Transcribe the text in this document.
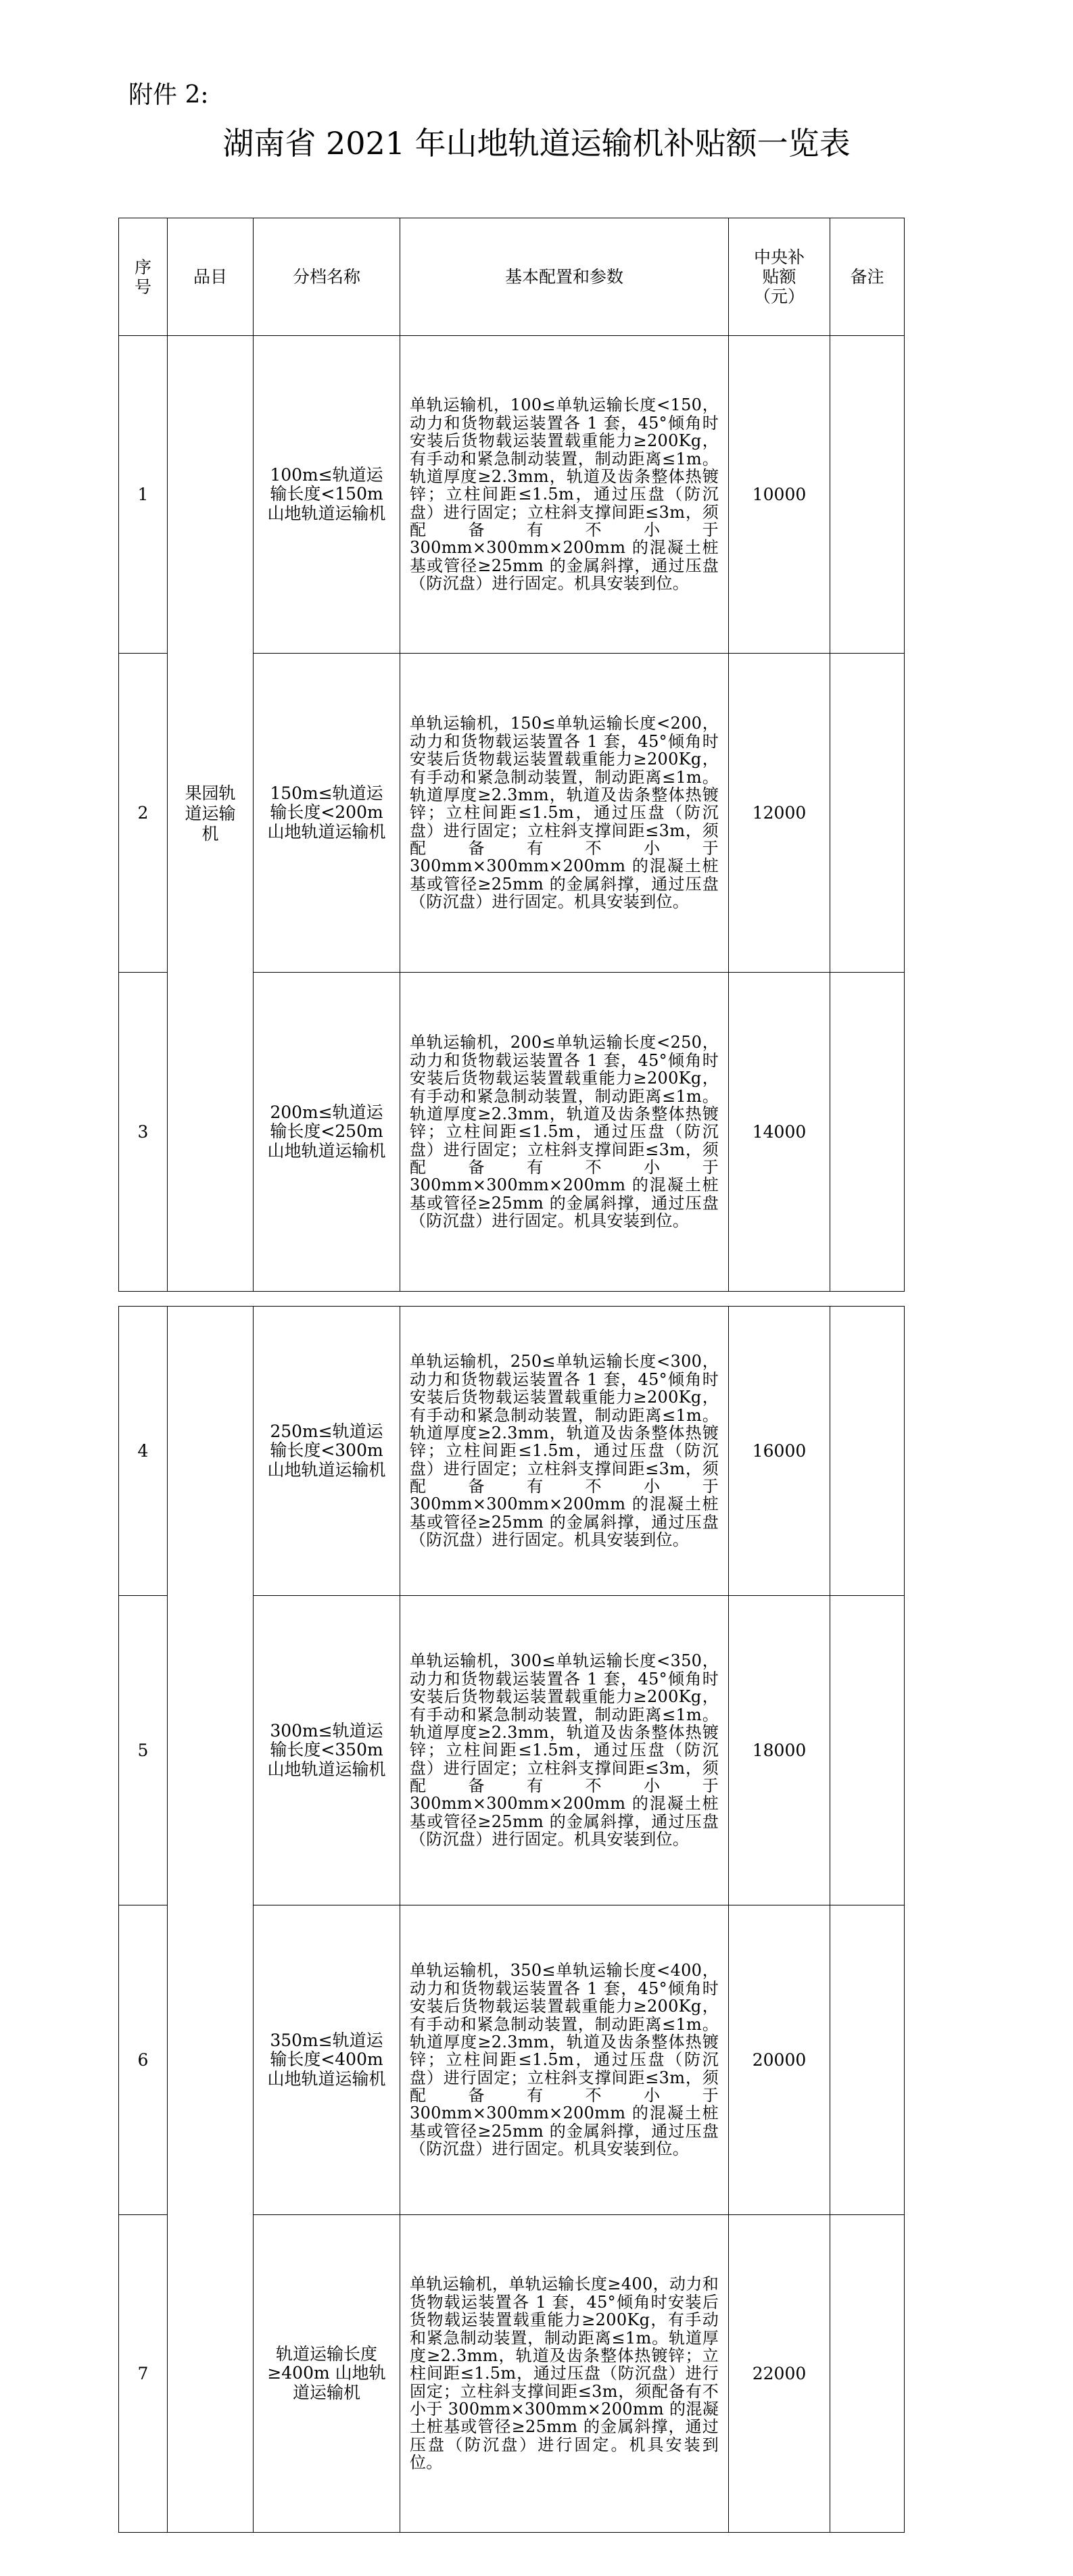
附件 2:
湖南省 2021 年山地轨道运输机补贴额一览表
序号	品目	分档名称	基本配置和参数	中央补贴额（元）	备注
1	果园轨道运输机	100m≤轨道运输长度<150m 山地轨道运输机	单轨运输机，100≤单轨运输长度<150，动力和货物载运装置各 1 套，45°倾角时安装后货物载运装置载重能力≥200Kg，有手动和紧急制动装置，制动距离≤1m。轨道厚度≥2.3mm，轨道及齿条整体热镀锌；立柱间距≤1.5m，通过压盘（防沉盘）进行固定；立柱斜支撑间距≤3m，须配备有不小于 300mm×300mm×200mm 的混凝土桩基或管径≥25mm 的金属斜撑，通过压盘（防沉盘）进行固定。机具安装到位。	10000	
2		150m≤轨道运输长度<200m 山地轨道运输机	单轨运输机，150≤单轨运输长度<200，动力和货物载运装置各 1 套，45°倾角时安装后货物载运装置载重能力≥200Kg，有手动和紧急制动装置，制动距离≤1m。轨道厚度≥2.3mm，轨道及齿条整体热镀锌；立柱间距≤1.5m，通过压盘（防沉盘）进行固定；立柱斜支撑间距≤3m，须配备有不小于 300mm×300mm×200mm 的混凝土桩基或管径≥25mm 的金属斜撑，通过压盘（防沉盘）进行固定。机具安装到位。	12000	
3		200m≤轨道运输长度<250m 山地轨道运输机	单轨运输机，200≤单轨运输长度<250，动力和货物载运装置各 1 套，45°倾角时安装后货物载运装置载重能力≥200Kg，有手动和紧急制动装置，制动距离≤1m。轨道厚度≥2.3mm，轨道及齿条整体热镀锌；立柱间距≤1.5m，通过压盘（防沉盘）进行固定；立柱斜支撑间距≤3m，须配备有不小于 300mm×300mm×200mm 的混凝土桩基或管径≥25mm 的金属斜撑，通过压盘（防沉盘）进行固定。机具安装到位。	14000	
4		250m≤轨道运输长度<300m 山地轨道运输机	单轨运输机，250≤单轨运输长度<300，动力和货物载运装置各 1 套，45°倾角时安装后货物载运装置载重能力≥200Kg，有手动和紧急制动装置，制动距离≤1m。轨道厚度≥2.3mm，轨道及齿条整体热镀锌；立柱间距≤1.5m，通过压盘（防沉盘）进行固定；立柱斜支撑间距≤3m，须配备有不小于 300mm×300mm×200mm 的混凝土桩基或管径≥25mm 的金属斜撑，通过压盘（防沉盘）进行固定。机具安装到位。	16000	
5		300m≤轨道运输长度<350m 山地轨道运输机	单轨运输机，300≤单轨运输长度<350，动力和货物载运装置各 1 套，45°倾角时安装后货物载运装置载重能力≥200Kg，有手动和紧急制动装置，制动距离≤1m。轨道厚度≥2.3mm，轨道及齿条整体热镀锌；立柱间距≤1.5m，通过压盘（防沉盘）进行固定；立柱斜支撑间距≤3m，须配备有不小于 300mm×300mm×200mm 的混凝土桩基或管径≥25mm 的金属斜撑，通过压盘（防沉盘）进行固定。机具安装到位。	18000	
6		350m≤轨道运输长度<400m 山地轨道运输机	单轨运输机，350≤单轨运输长度<400，动力和货物载运装置各 1 套，45°倾角时安装后货物载运装置载重能力≥200Kg，有手动和紧急制动装置，制动距离≤1m。轨道厚度≥2.3mm，轨道及齿条整体热镀锌；立柱间距≤1.5m，通过压盘（防沉盘）进行固定；立柱斜支撑间距≤3m，须配备有不小于 300mm×300mm×200mm 的混凝土桩基或管径≥25mm 的金属斜撑，通过压盘（防沉盘）进行固定。机具安装到位。	20000	
7		轨道运输长度≥400m 山地轨道运输机	单轨运输机，单轨运输长度≥400，动力和货物载运装置各 1 套，45°倾角时安装后货物载运装置载重能力≥200Kg，有手动和紧急制动装置，制动距离≤1m。轨道厚度≥2.3mm，轨道及齿条整体热镀锌；立柱间距≤1.5m，通过压盘（防沉盘）进行固定；立柱斜支撑间距≤3m，须配备有不小于 300mm×300mm×200mm 的混凝土桩基或管径≥25mm 的金属斜撑，通过压盘（防沉盘）进行固定。机具安装到位。	22000	
